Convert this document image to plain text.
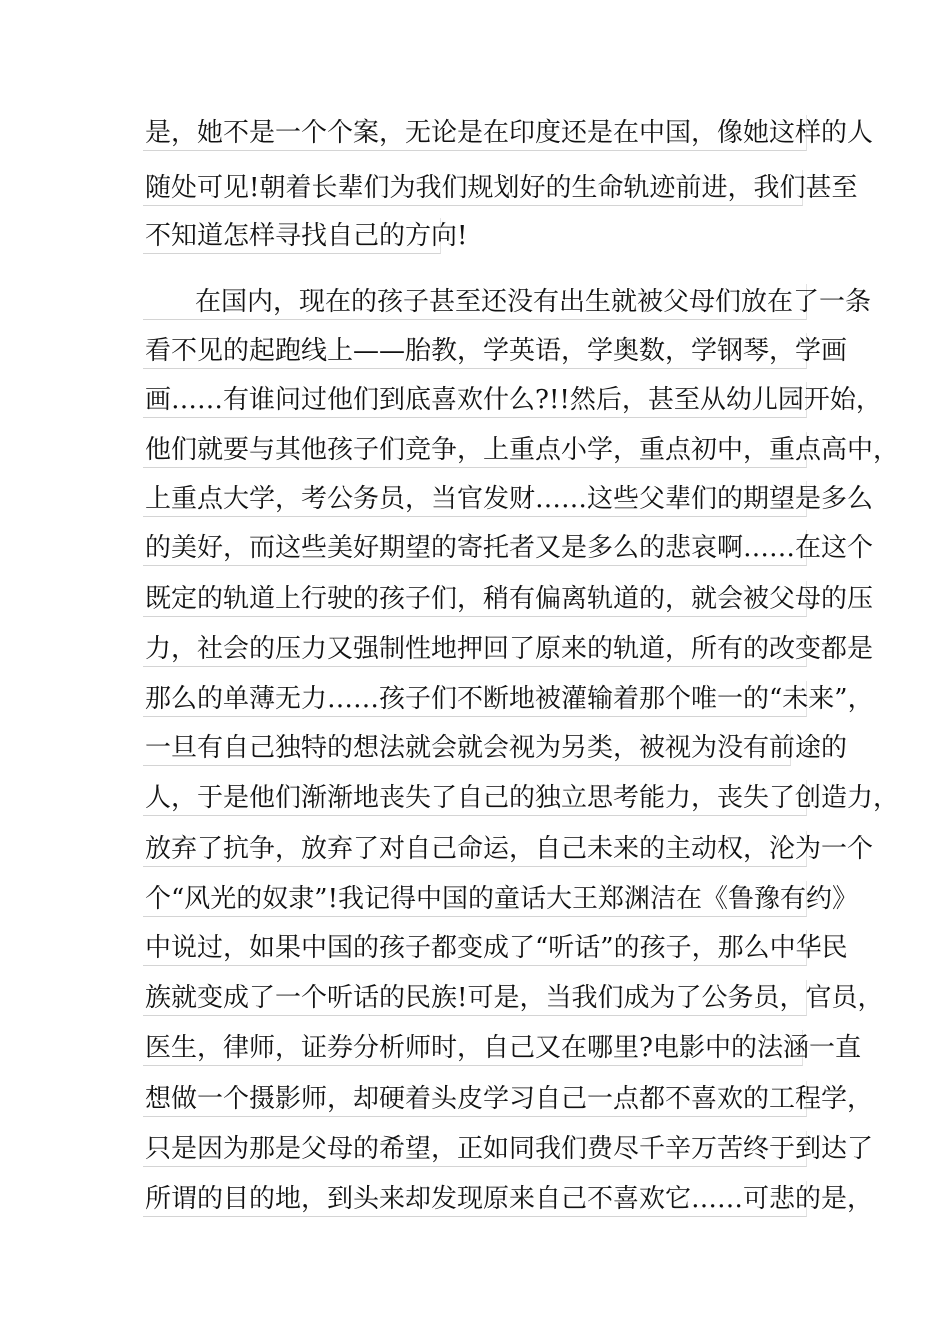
是，她不是一个个案，无论是在印度还是在中国，像她这样的人
随处可见!朝着长辈们为我们规划好的生命轨迹前进，我们甚至
不知道怎样寻找自己的方向!
在国内，现在的孩子甚至还没有出生就被父母们放在了一条
看不见的起跑线上——胎教，学英语，学奥数，学钢琴，学画
画……有谁问过他们到底喜欢什么?!!然后，甚至从幼儿园开始，
他们就要与其他孩子们竞争，上重点小学，重点初中，重点高中，
上重点大学，考公务员，当官发财……这些父辈们的期望是多么
的美好，而这些美好期望的寄托者又是多么的悲哀啊……在这个
既定的轨道上行驶的孩子们，稍有偏离轨道的，就会被父母的压
力，社会的压力又强制性地押回了原来的轨道，所有的改变都是
那么的单薄无力……孩子们不断地被灌输着那个唯一的“未来”，
一旦有自己独特的想法就会就会视为另类，被视为没有前途的
人，于是他们渐渐地丧失了自己的独立思考能力，丧失了创造力，
放弃了抗争，放弃了对自己命运，自己未来的主动权，沦为一个
个“风光的奴隶”!我记得中国的童话大王郑渊洁在《鲁豫有约》
中说过，如果中国的孩子都变成了“听话”的孩子，那么中华民
族就变成了一个听话的民族!可是，当我们成为了公务员，官员，
医生，律师，证券分析师时，自己又在哪里?电影中的法涵一直
想做一个摄影师，却硬着头皮学习自己一点都不喜欢的工程学，
只是因为那是父母的希望，正如同我们费尽千辛万苦终于到达了
所谓的目的地，到头来却发现原来自己不喜欢它……可悲的是，
